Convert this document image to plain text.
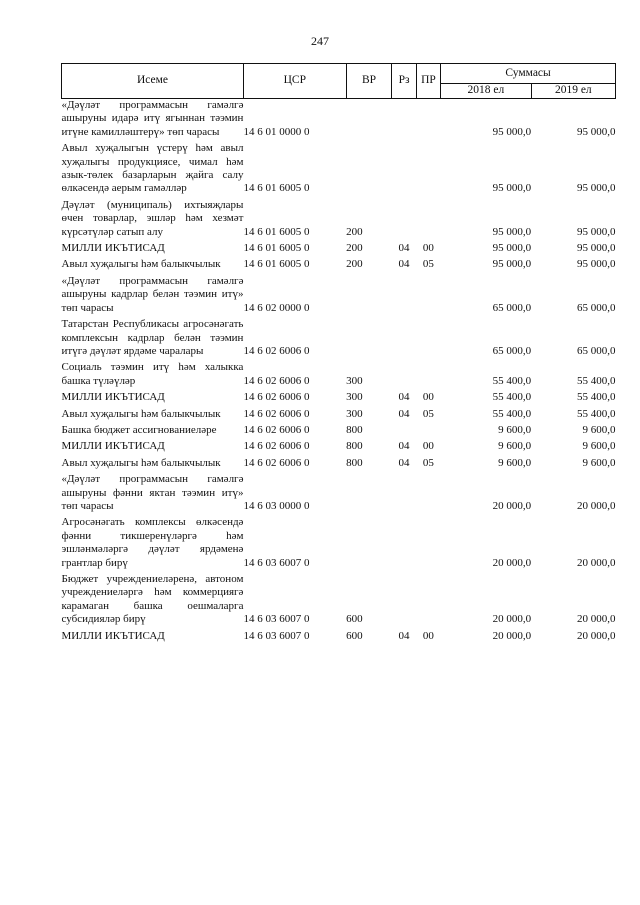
247
Исеме	ЦСР	ВР	Рз	ПР	Суммасы	
					2018 ел	2019 ел
«Дәүләт программасын гамәлгә ашыруны идарә итү ягыннан тәэмин итүне камилләштерү» төп чарасы	14 6 01 0000 0				95 000,0	95 000,0
Авыл хуҗалыгын үстерү һәм авыл хуҗалыгы продукциясе, чимал һәм азык-төлек базарларын җайга салу өлкәсендә аерым гамәлләр	14 6 01 6005 0				95 000,0	95 000,0
Дәүләт (муниципаль) ихтыяҗлары өчен товарлар, эшләр һәм хезмәт күрсәтүләр сатып алу	14 6 01 6005 0	200			95 000,0	95 000,0
МИЛЛИ ИКЪТИСАД	14 6 01 6005 0	200	04	00	95 000,0	95 000,0
Авыл хуҗалыгы һәм балыкчылык	14 6 01 6005 0	200	04	05	95 000,0	95 000,0
«Дәүләт программасын гамәлгә ашыруны кадрлар белән тәэмин итү» төп чарасы	14 6 02 0000 0				65 000,0	65 000,0
Татарстан Республикасы агросәнәгать комплексын кадрлар белән тәэмин итүгә дәүләт ярдәме чаралары	14 6 02 6006 0				65 000,0	65 000,0
Социаль тәэмин итү һәм халыкка башка түләүләр	14 6 02 6006 0	300			55 400,0	55 400,0
МИЛЛИ ИКЪТИСАД	14 6 02 6006 0	300	04	00	55 400,0	55 400,0
Авыл хуҗалыгы һәм балыкчылык	14 6 02 6006 0	300	04	05	55 400,0	55 400,0
Башка бюджет ассигнованиеләре	14 6 02 6006 0	800			9 600,0	9 600,0
МИЛЛИ ИКЪТИСАД	14 6 02 6006 0	800	04	00	9 600,0	9 600,0
Авыл хуҗалыгы һәм балыкчылык	14 6 02 6006 0	800	04	05	9 600,0	9 600,0
«Дәүләт программасын гамәлгә ашыруны фәнни яктан тәэмин итү» төп чарасы	14 6 03 0000 0				20 000,0	20 000,0
Агросәнәгать комплексы өлкәсендә фәнни тикшеренүләргә һәм эшләнмәләргә дәүләт ярдәменә грантлар бирү	14 6 03 6007 0				20 000,0	20 000,0
Бюджет учреждениеләренә, автоном учреждениеләргә һәм коммерциягә карамаган башка оешмаларга субсидияләр бирү	14 6 03 6007 0	600			20 000,0	20 000,0
МИЛЛИ ИКЪТИСАД	14 6 03 6007 0	600	04	00	20 000,0	20 000,0
